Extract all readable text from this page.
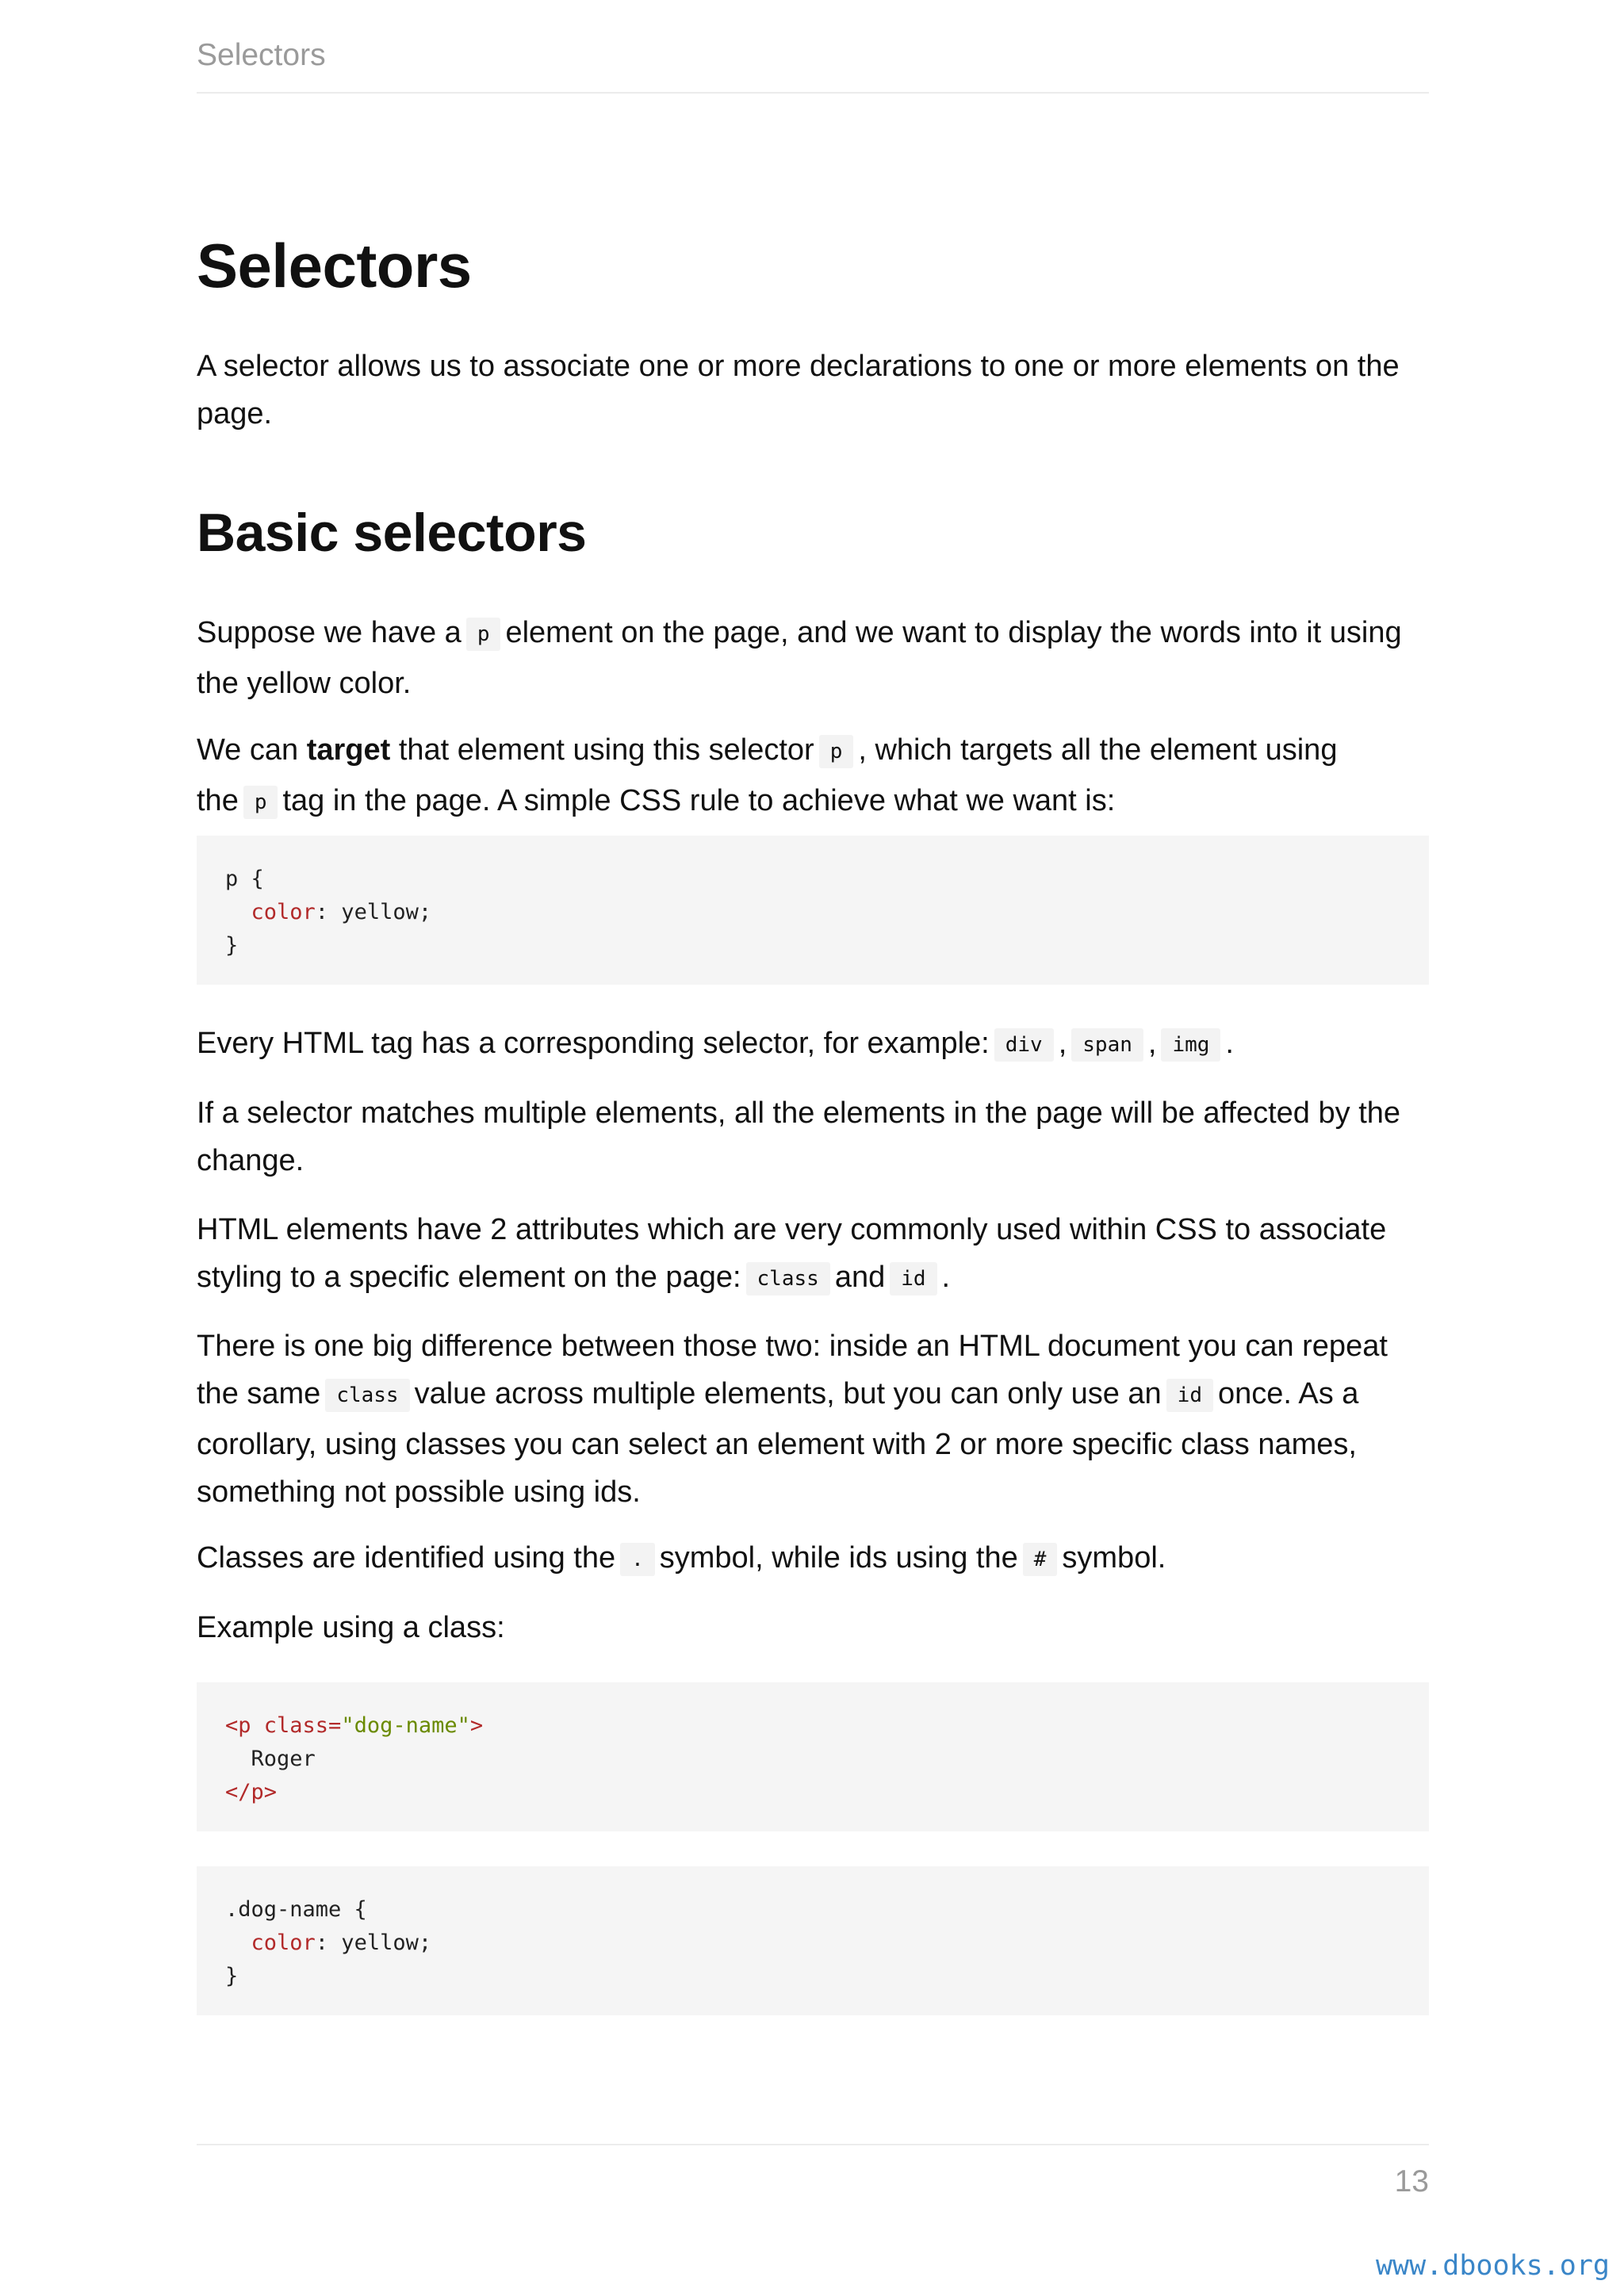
Selectors
Selectors

A selector allows us to associate one or more declarations to one or more elements on the page.

Basic selectors

Suppose we have a p element on the page, and we want to display the words into it using the yellow color.

We can target that element using this selector p , which targets all the element using the p tag in the page. A simple CSS rule to achieve what we want is:

p {
color: yellow;
}

Every HTML tag has a corresponding selector, for example: div , span , img .

If a selector matches multiple elements, all the elements in the page will be affected by the change.

HTML elements have 2 attributes which are very commonly used within CSS to associate styling to a specific element on the page: class and id .

There is one big difference between those two: inside an HTML document you can repeat the same class value across multiple elements, but you can only use an id once. As a corollary, using classes you can select an element with 2 or more specific class names, something not possible using ids.

Classes are identified using the . symbol, while ids using the # symbol.

Example using a class:

<p class="dog-name">
Roger
</p>
.dog-name {
color: yellow;
}
13
www.dbooks.org
